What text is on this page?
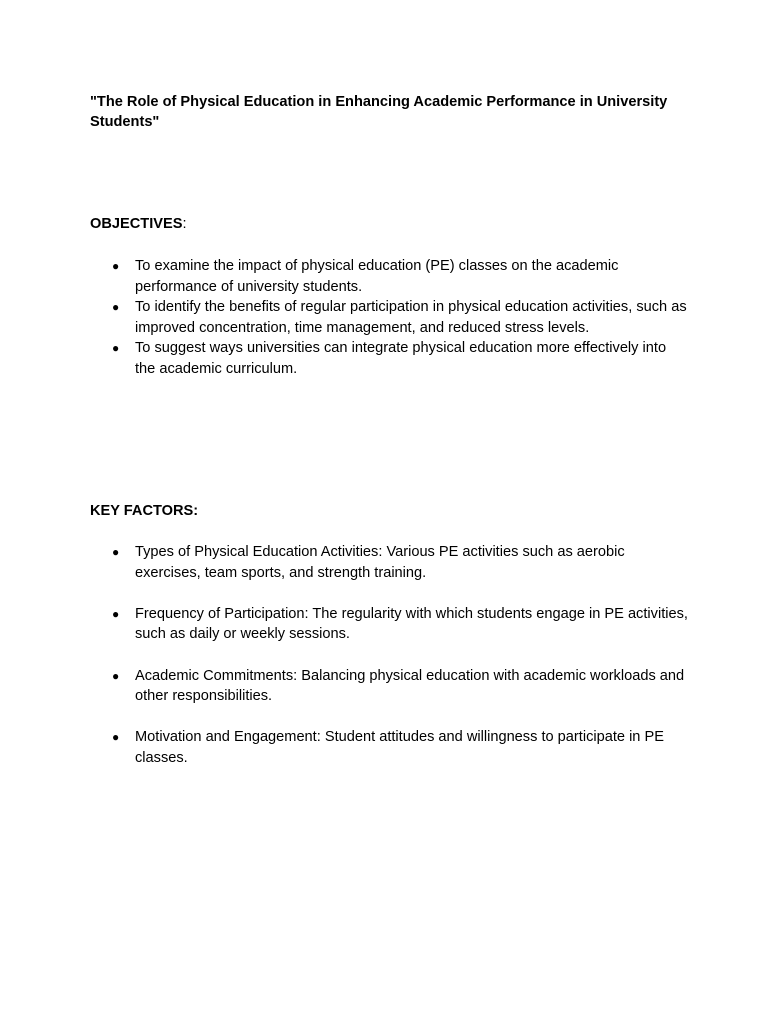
"The Role of Physical Education in Enhancing Academic Performance in University Students"

OBJECTIVES:

● To examine the impact of physical education (PE) classes on the academic performance of university students.
● To identify the benefits of regular participation in physical education activities, such as improved concentration, time management, and reduced stress levels.
● To suggest ways universities can integrate physical education more effectively into the academic curriculum.

KEY FACTORS:

● Types of Physical Education Activities: Various PE activities such as aerobic exercises, team sports, and strength training.
● Frequency of Participation: The regularity with which students engage in PE activities, such as daily or weekly sessions.
● Academic Commitments: Balancing physical education with academic workloads and other responsibilities.
● Motivation and Engagement: Student attitudes and willingness to participate in PE classes.
